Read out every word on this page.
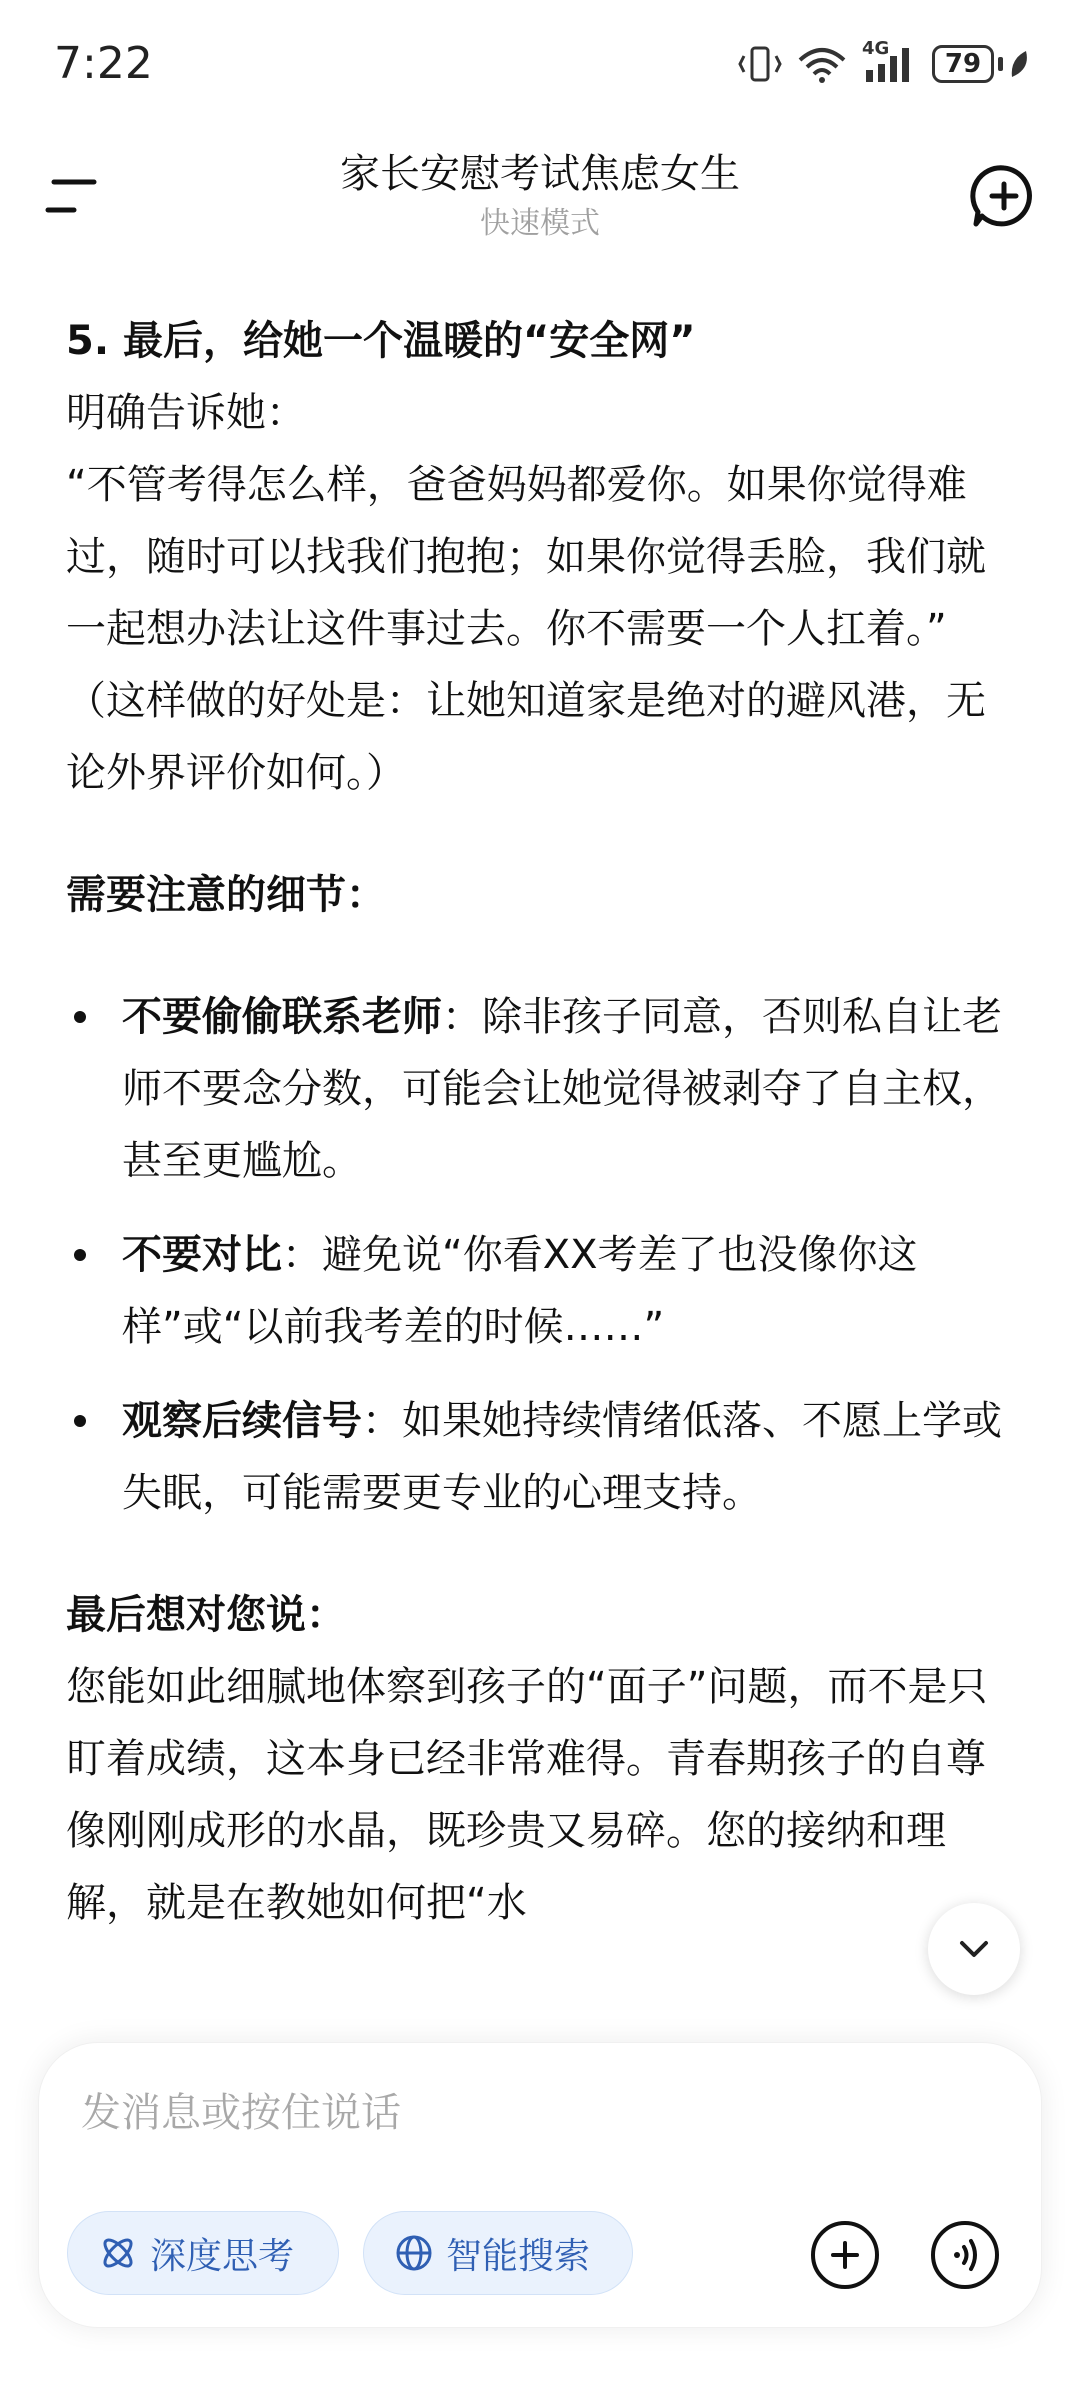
7:22	4G
79
家长安慰考试焦虑女生
快速模式

5. 最后，给她一个温暖的“安全网”

明确告诉她：

“不管考得怎么样，爸爸妈妈都爱你。如果你觉得难过，随时可以找我们抱抱；如果你觉得丢脸，我们就一起想办法让这件事过去。你不需要一个人扛着。”

（这样做的好处是：让她知道家是绝对的避风港，无论外界评价如何。）

需要注意的细节：

不要偷偷联系老师：除非孩子同意，否则私自让老师不要念分数，可能会让她觉得被剥夺了自主权，甚至更尴尬。
不要对比：避免说“你看XX考差了也没像你这样”或“以前我考差的时候……”
观察后续信号：如果她持续情绪低落、不愿上学或失眠，可能需要更专业的心理支持。

最后想对您说：

您能如此细腻地体察到孩子的“面子”问题，而不是只盯着成绩，这本身已经非常难得。青春期孩子的自尊像刚刚成形的水晶，既珍贵又易碎。您的接纳和理解，就是在教她如何把“水

发消息或按住说话
深度思考	智能搜索
